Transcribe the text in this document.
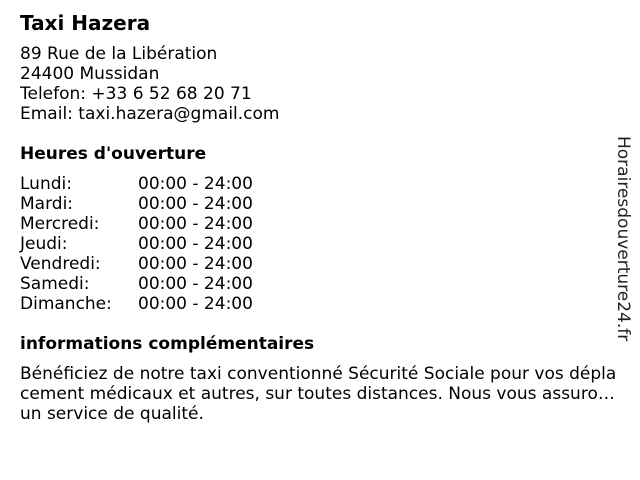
Taxi Hazera
89 Rue de la Libération
24400 Mussidan
Telefon: +33 6 52 68 20 71
Email: taxi.hazera@gmail.com
Heures d'ouverture
Lundi:	00:00 - 24:00
Mardi:	00:00 - 24:00
Mercredi:	00:00 - 24:00
Jeudi:	00:00 - 24:00
Vendredi:	00:00 - 24:00
Samedi:	00:00 - 24:00
Dimanche:	00:00 - 24:00
informations complémentaires
Bénéficiez de notre taxi conventionné Sécurité Sociale pour vos déplacement médicaux et autres, sur toutes distances. Nous vous assurons un service de qualité.
Horairesdouverture24.fr
